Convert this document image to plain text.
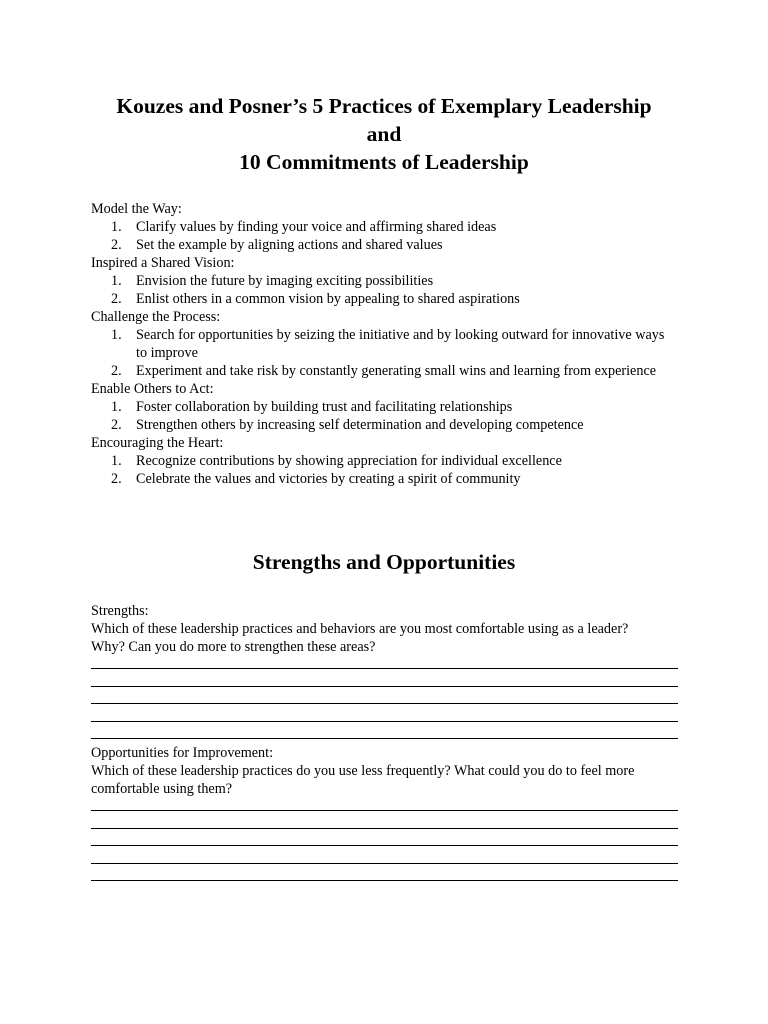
Kouzes and Posner’s 5 Practices of Exemplary Leadership
and
10 Commitments of Leadership
Model the Way:
1. Clarify values by finding your voice and affirming shared ideas
2. Set the example by aligning actions and shared values
Inspired a Shared Vision:
1. Envision the future by imaging exciting possibilities
2. Enlist others in a common vision by appealing to shared aspirations
Challenge the Process:
1. Search for opportunities by seizing the initiative and by looking outward for innovative ways to improve
2. Experiment and take risk by constantly generating small wins and learning from experience
Enable Others to Act:
1. Foster collaboration by building trust and facilitating relationships
2. Strengthen others by increasing self determination and developing competence
Encouraging the Heart:
1. Recognize contributions by showing appreciation for individual excellence
2. Celebrate the values and victories by creating a spirit of community
Strengths and Opportunities
Strengths:
Which of these leadership practices and behaviors are you most comfortable using as a leader?
Why? Can you do more to strengthen these areas?
Opportunities for Improvement:
Which of these leadership practices do you use less frequently? What could you do to feel more
comfortable using them?
